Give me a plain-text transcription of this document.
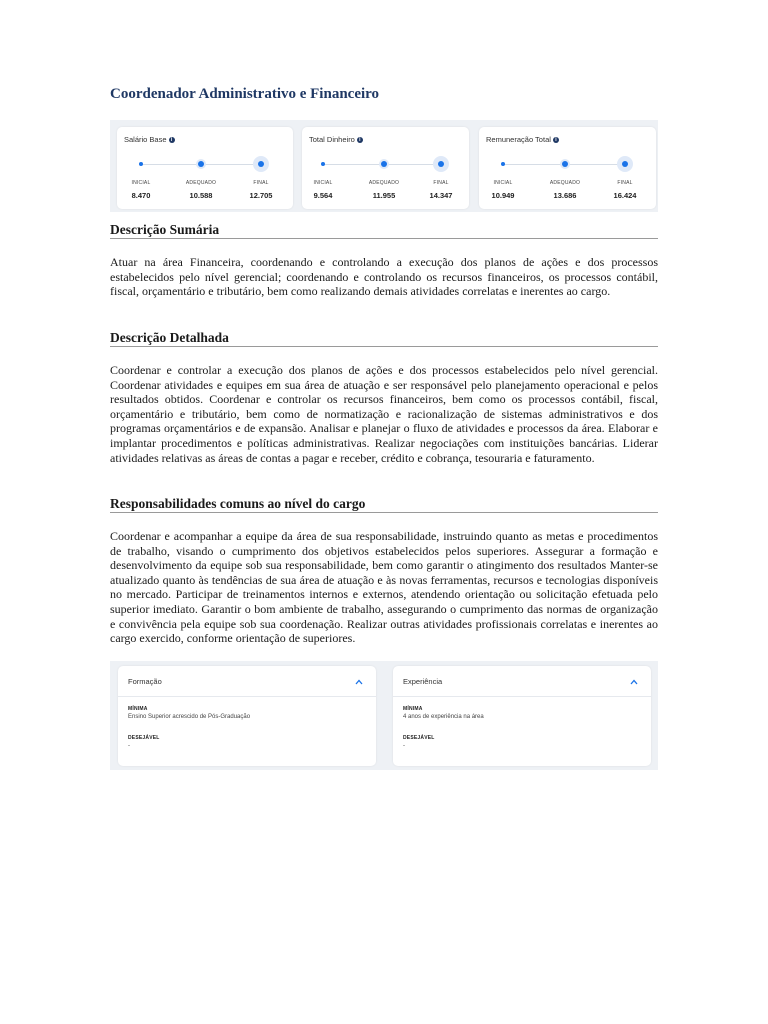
Coordenador Administrativo e Financeiro
Salário Base i
INICIAL	ADEQUADO	FINAL
8.470	10.588	12.705
Total Dinheiro i
INICIAL	ADEQUADO	FINAL
9.564	11.955	14.347
Remuneração Total i
INICIAL	ADEQUADO	FINAL
10.949	13.686	16.424
Descrição Sumária

Atuar na área Financeira, coordenando e controlando a execução dos planos de ações e dos processos estabelecidos pelo nível gerencial; coordenando e controlando os recursos financeiros, os processos contábil, fiscal, orçamentário e tributário, bem como realizando demais atividades correlatas e inerentes ao cargo.

Descrição Detalhada

Coordenar e controlar a execução dos planos de ações e dos processos estabelecidos pelo nível gerencial. Coordenar atividades e equipes em sua área de atuação e ser responsável pelo planejamento operacional e pelos resultados obtidos. Coordenar e controlar os recursos financeiros, bem como os processos contábil, fiscal, orçamentário e tributário, bem como de normatização e racionalização de sistemas administrativos e dos programas orçamentários e de expansão. Analisar e planejar o fluxo de atividades e processos da área. Elaborar e implantar procedimentos e políticas administrativas. Realizar negociações com instituições bancárias. Liderar atividades relativas as áreas de contas a pagar e receber, crédito e cobrança, tesouraria e faturamento.

Responsabilidades comuns ao nível do cargo

Coordenar e acompanhar a equipe da área de sua responsabilidade, instruindo quanto as metas e procedimentos de trabalho, visando o cumprimento dos objetivos estabelecidos pelos superiores. Assegurar a formação e desenvolvimento da equipe sob sua responsabilidade, bem como garantir o atingimento dos resultados Manter-se atualizado quanto às tendências de sua área de atuação e às novas ferramentas, recursos e tecnologias disponíveis no mercado. Participar de treinamentos internos e externos, atendendo orientação ou solicitação efetuada pelo superior imediato. Garantir o bom ambiente de trabalho, assegurando o cumprimento das normas de organização e convivência pela equipe sob sua coordenação. Realizar outras atividades profissionais correlatas e inerentes ao cargo exercido, conforme orientação de superiores.

Formação
MÍNIMA
Ensino Superior acrescido de Pós-Graduação
DESEJÁVEL
-
Experiência
MÍNIMA
4 anos de experiência na área
DESEJÁVEL
-
